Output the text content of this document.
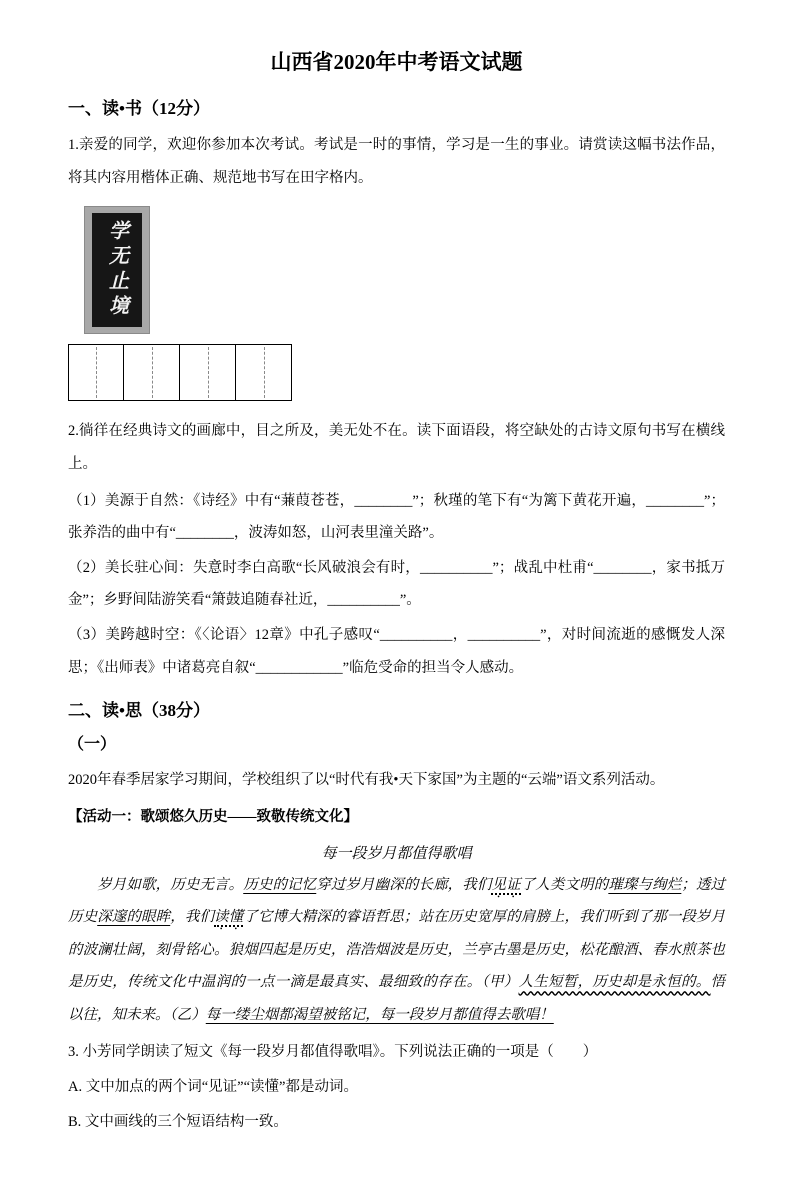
山西省2020年中考语文试题
一、读•书（12分）

1.亲爱的同学，欢迎你参加本次考试。考试是一时的事情，学习是一生的事业。请赏读这幅书法作品，将其内容用楷体正确、规范地书写在田字格内。

学无止境

2.徜徉在经典诗文的画廊中，目之所及，美无处不在。读下面语段，将空缺处的古诗文原句书写在横线上。

（1）美源于自然：《诗经》中有“蒹葭苍苍，________”；秋瑾的笔下有“为篱下黄花开遍，________”；张养浩的曲中有“________，波涛如怒，山河表里潼关路”。

（2）美长驻心间：失意时李白高歌“长风破浪会有时，__________”；战乱中杜甫“________，家书抵万金”；乡野间陆游笑看“箫鼓追随春社近，__________”。

（3）美跨越时空：《〈论语〉12章》中孔子感叹“__________，__________”，对时间流逝的感慨发人深思；《出师表》中诸葛亮自叙“____________”临危受命的担当令人感动。

二、读•思（38分）
（一）

2020年春季居家学习期间，学校组织了以“时代有我•天下家国”为主题的“云端”语文系列活动。

【活动一：歌颂悠久历史——致敬传统文化】

每一段岁月都值得歌唱

　　岁月如歌，历史无言。历史的记忆穿过岁月幽深的长廊，我们见证了人类文明的璀璨与绚烂；透过历史深邃的眼眸，我们读懂了它博大精深的睿语哲思；站在历史宽厚的肩膀上，我们听到了那一段岁月的波澜壮阔，刻骨铭心。狼烟四起是历史，浩浩烟波是历史，兰亭古墨是历史，松花酿酒、春水煎茶也是历史，传统文化中温润的一点一滴是最真实、最细致的存在。（甲）人生短暂，历史却是永恒的。悟以往，知未来。（乙）每一缕尘烟都渴望被铭记，每一段岁月都值得去歌唱！

3. 小芳同学朗读了短文《每一段岁月都值得歌唱》。下列说法正确的一项是（　　）

A. 文中加点的两个词“见证”“读懂”都是动词。

B. 文中画线的三个短语结构一致。
